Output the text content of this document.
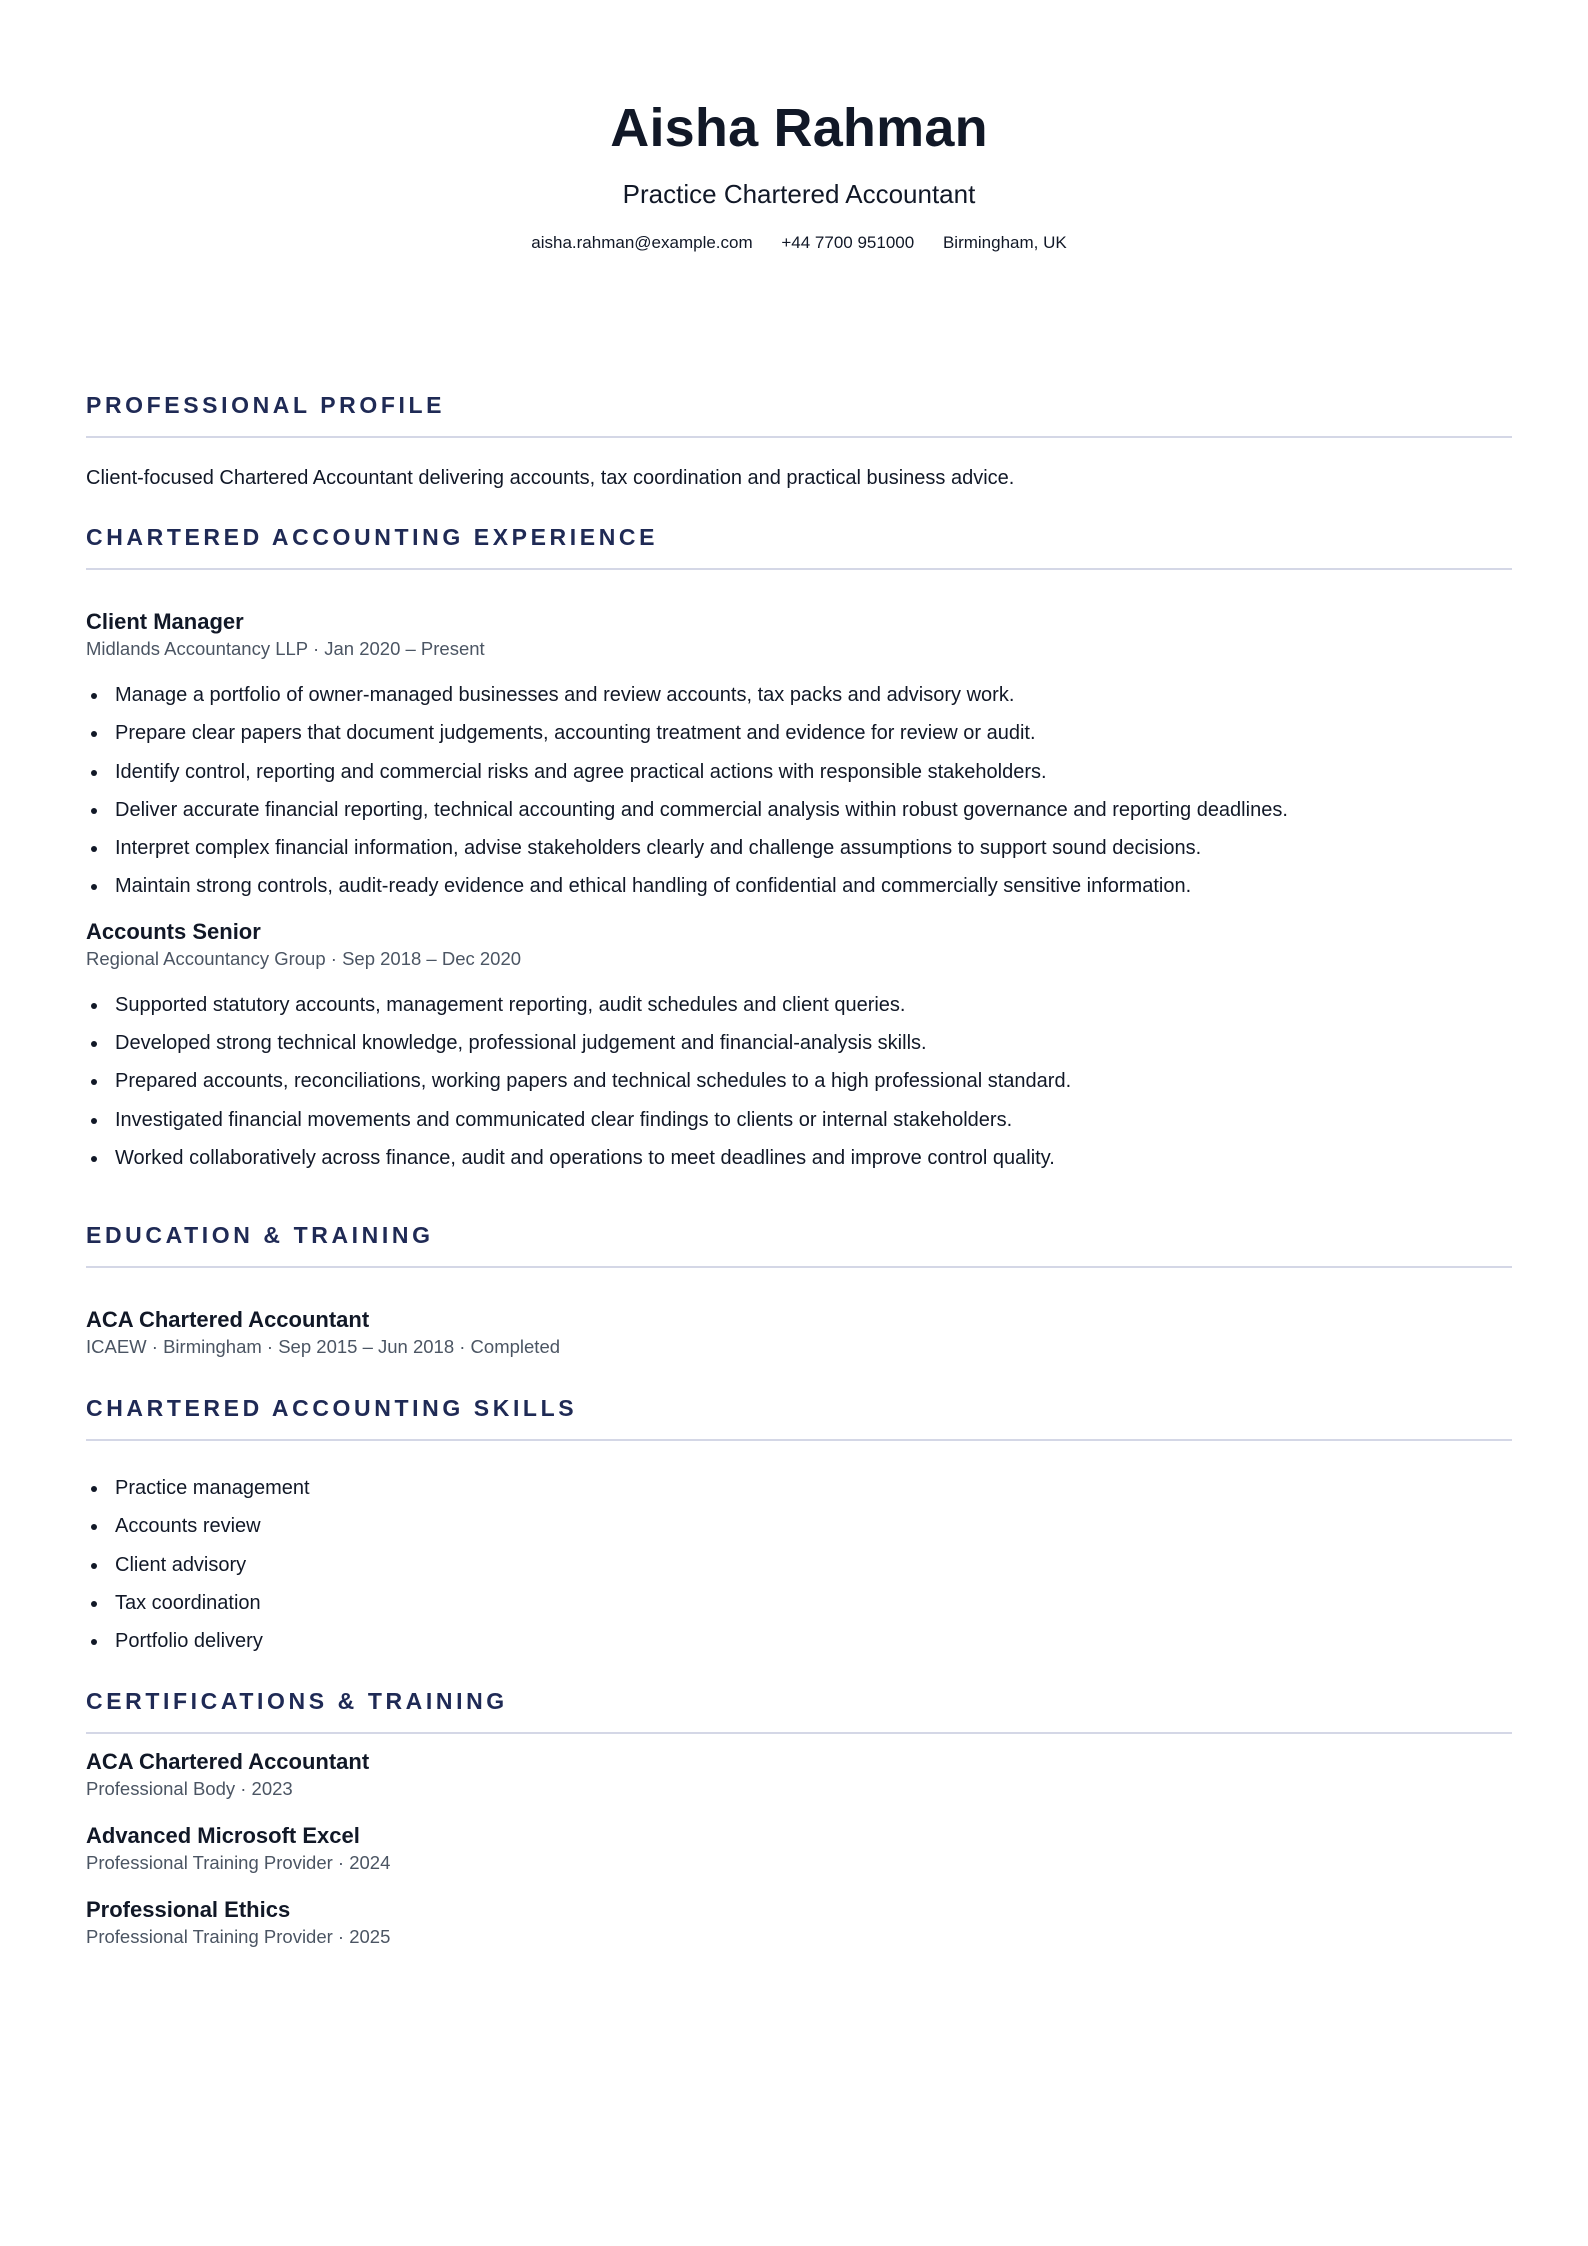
Aisha Rahman
Practice Chartered Accountant
aisha.rahman@example.com +44 7700 951000 Birmingham, UK
PROFESSIONAL PROFILE
Client-focused Chartered Accountant delivering accounts, tax coordination and practical business advice.
CHARTERED ACCOUNTING EXPERIENCE
Client Manager
Midlands Accountancy LLP · Jan 2020 – Present
Manage a portfolio of owner-managed businesses and review accounts, tax packs and advisory work.
Prepare clear papers that document judgements, accounting treatment and evidence for review or audit.
Identify control, reporting and commercial risks and agree practical actions with responsible stakeholders.
Deliver accurate financial reporting, technical accounting and commercial analysis within robust governance and reporting deadlines.
Interpret complex financial information, advise stakeholders clearly and challenge assumptions to support sound decisions.
Maintain strong controls, audit-ready evidence and ethical handling of confidential and commercially sensitive information.
Accounts Senior
Regional Accountancy Group · Sep 2018 – Dec 2020
Supported statutory accounts, management reporting, audit schedules and client queries.
Developed strong technical knowledge, professional judgement and financial-analysis skills.
Prepared accounts, reconciliations, working papers and technical schedules to a high professional standard.
Investigated financial movements and communicated clear findings to clients or internal stakeholders.
Worked collaboratively across finance, audit and operations to meet deadlines and improve control quality.
EDUCATION & TRAINING
ACA Chartered Accountant
ICAEW · Birmingham · Sep 2015 – Jun 2018 · Completed
CHARTERED ACCOUNTING SKILLS
Practice management
Accounts review
Client advisory
Tax coordination
Portfolio delivery
CERTIFICATIONS & TRAINING
ACA Chartered Accountant
Professional Body · 2023
Advanced Microsoft Excel
Professional Training Provider · 2024
Professional Ethics
Professional Training Provider · 2025
